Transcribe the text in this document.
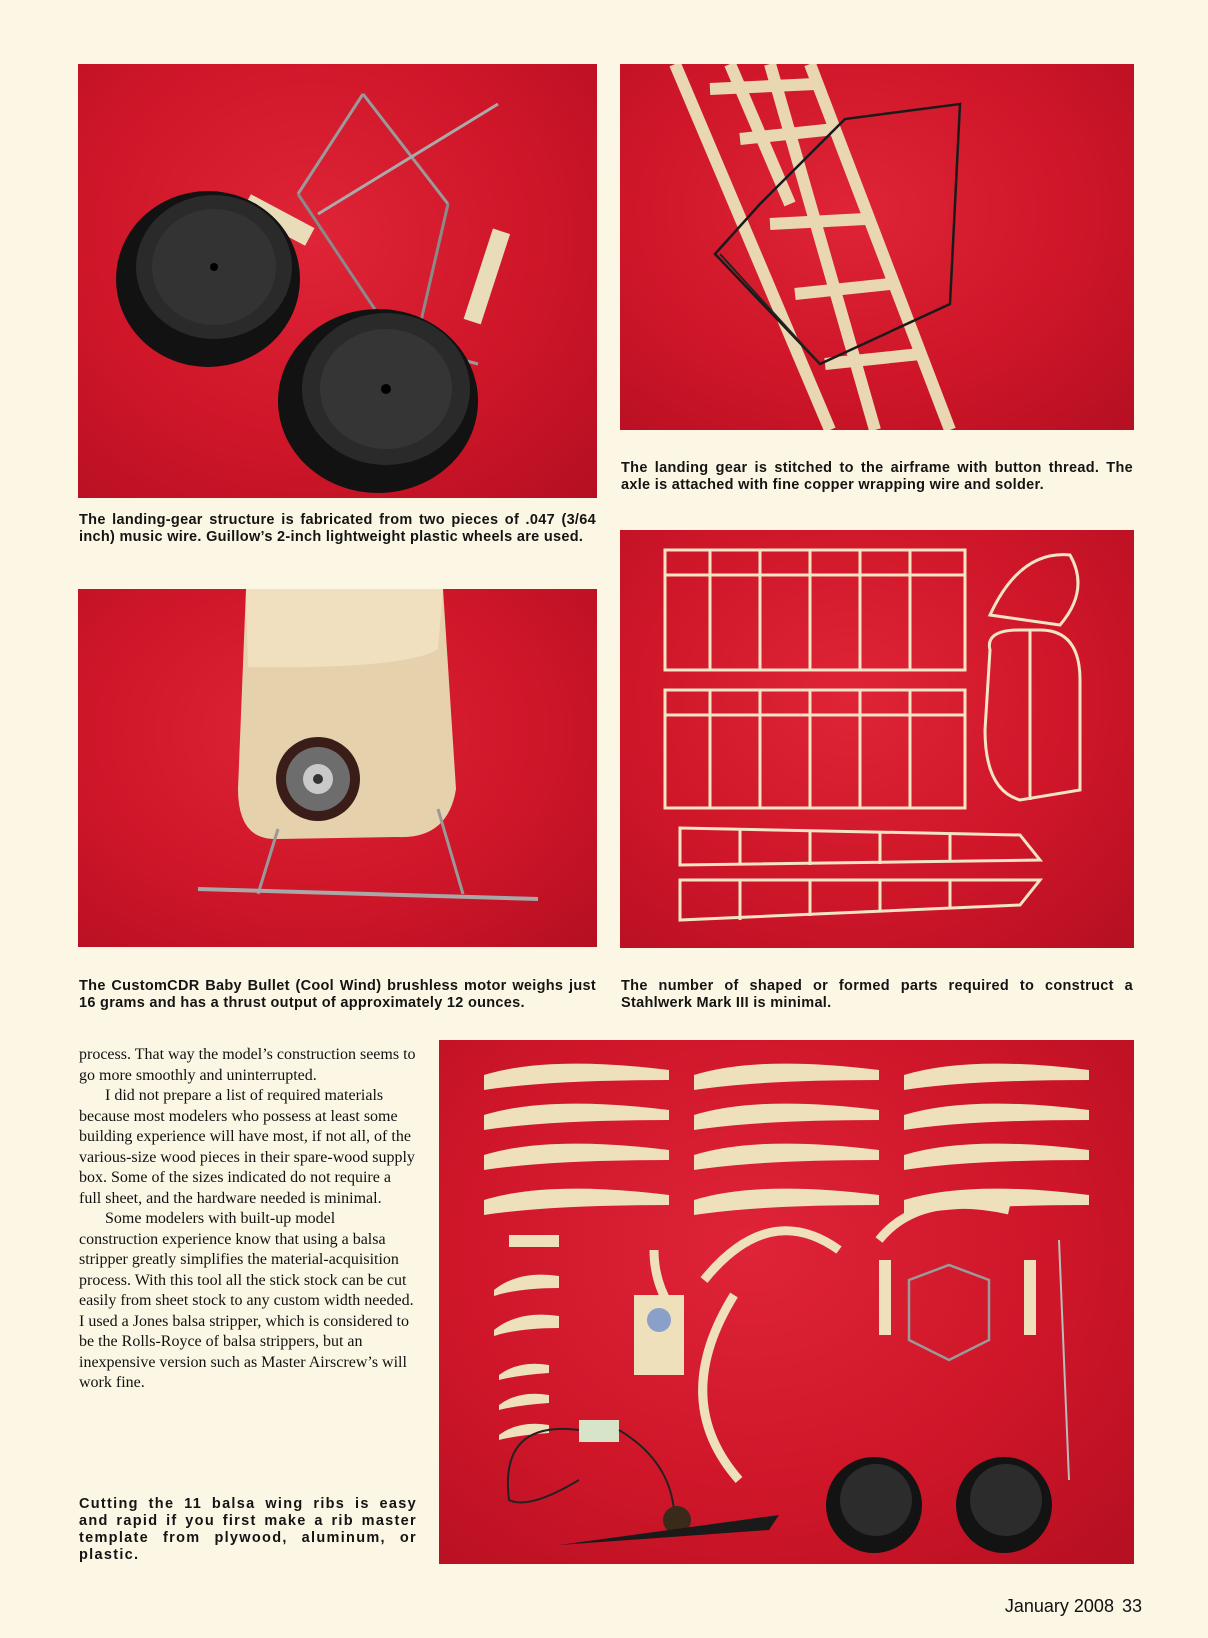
The landing-gear structure is fabricated from two pieces of .047 (3/64 inch) music wire. Guillow’s 2-inch lightweight plastic wheels are used.

The landing gear is stitched to the airframe with button thread. The axle is attached with fine copper wrapping wire and solder.

The CustomCDR Baby Bullet (Cool Wind) brushless motor weighs just 16 grams and has a thrust output of approximately 12 ounces.

The number of shaped or formed parts required to construct a Stahlwerk Mark III is minimal.

Cutting the 11 balsa wing ribs is easy and rapid if you first make a rib master template from plywood, aluminum, or plastic.

process. That way the model’s construction seems to go more smoothly and uninterrupted.

I did not prepare a list of required materials because most modelers who possess at least some building experience will have most, if not all, of the various-size wood pieces in their spare-wood supply box. Some of the sizes indicated do not require a full sheet, and the hardware needed is minimal.

Some modelers with built-up model construction experience know that using a balsa stripper greatly simplifies the material-acquisition process. With this tool all the stick stock can be cut easily from sheet stock to any custom width needed. I used a Jones balsa stripper, which is considered to be the Rolls-Royce of balsa strippers, but an inexpensive version such as Master Airscrew’s will work fine.

January 2008 33
